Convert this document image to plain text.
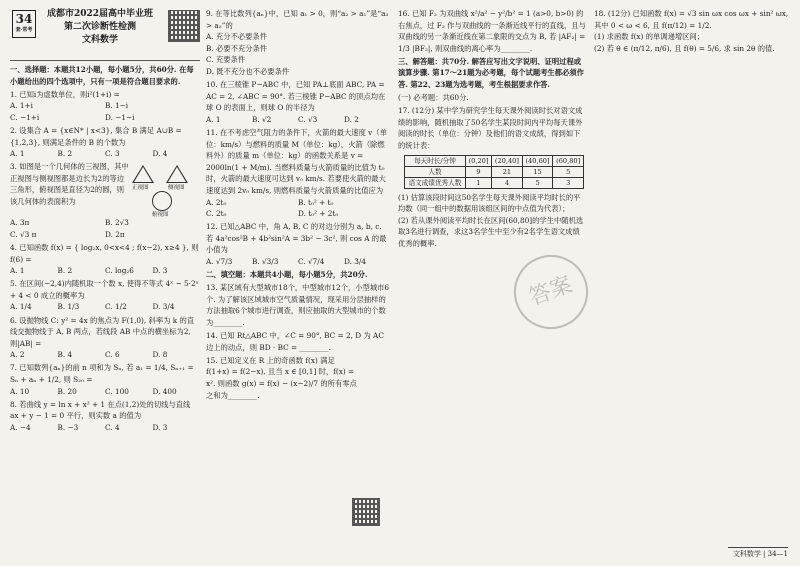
34
套·常考
成都市2022届高中毕业班
第二次诊断性检测
文科数学
一、选择题：本题共12小题，每小题5分，共60分. 在每小题给出的四个选项中，只有一项是符合题目要求的.
1. 已知i为虚数单位，则i²(1+i) =
A. 1+i	B. 1−i
C. −1+i	D. −1−i
2. 设集合 A = {x∈N* | x<3}, 集合 B 满足 A∪B = {1,2,3}, 则满足条件的 B 的个数为
A. 1	B. 2	C. 3	D. 4
3. 如图是一个几何体的三视图，其中正视图与侧视图都是边长为2的等边三角形，俯视图是直径为2的圆，则该几何体的表面积为
正视图	侧视图
俯视图
A. 3π	B. 2√3
C. √3 π	D. 2π
4. 已知函数 f(x) = { log₂x, 0<x<4 ; f(x−2), x≥4 }, 则 f(6) =
A. 1	B. 2	C. log₂6	D. 3
5. 在区间(−2,4)内随机取一个数 x, 使得不等式 4ˣ − 5·2ˣ + 4 < 0 成立的概率为
A. 1/4	B. 1/3	C. 1/2	D. 3/4
6. 设抛物线 C: y² = 4x 的焦点为 F(1,0), 斜率为 k 的直线交抛物线于 A, B 两点，若线段 AB 中点的横坐标为2, 则|AB| =
A. 2	B. 4	C. 6	D. 8
7. 已知数列{aₙ}的前 n 项和为 Sₙ, 若 a₁ = 1/4, Sₙ₊₁ = Sₙ + aₙ + 1/2, 则 S₂₀ =
A. 10	B. 20	C. 100	D. 400
8. 若曲线 y = ln x + x² + 1 在点(1,2)处的切线与直线 ax + y − 1 = 0 平行，则实数 a 的值为
A. −4	B. −3	C. 4	D. 3
9. 在等比数列{aₙ}中，已知 a₁ > 0，则“a₂ > a₁”是“a₃ > a₂”的
A. 充分不必要条件
B. 必要不充分条件
C. 充要条件
D. 既不充分也不必要条件
10. 在三棱锥 P−ABC 中，已知 PA⊥底面 ABC, PA = AC = 2, ∠ABC = 90°. 若三棱锥 P−ABC 的顶点均在球 O 的表面上，则球 O 的半径为
A. 1	B. √2	C. √3	D. 2
11. 在不考虑空气阻力的条件下，火箭的最大速度 v（单位：km/s）与燃料的质量 M（单位：kg），火箭（除燃料外）的质量 m（单位：kg）的函数关系是 v = 2000ln(1 + M/m). 当燃料质量与火箭质量的比值为 t₀ 时，火箭的最大速度可达到 v₀ km/s. 若要使火箭的最大速度达到 2v₀ km/s, 则燃料质量与火箭质量的比值应为
A. 2t₀	B. t₀² + t₀
C. 2t₀	D. t₀² + 2t₀
12. 已知△ABC 中，角 A, B, C 的对边分别为 a, b, c. 若 4a²cos²B + 4b²sin²A = 3b² − 3c², 则 cos A 的最小值为
A. √7/3	B. √3/3	C. √7/4	D. 3/4
二、填空题：本题共4小题，每小题5分，共20分.
13. 某区域有大型城市18个，中型城市12个，小型城市6个. 为了解该区域城市空气质量情况，现采用分层抽样的方法抽取6个城市进行调查，则应抽取的大型城市的个数为________.
14. 已知 Rt△ABC 中，∠C = 90°, BC = 2, D 为 AC 边上的动点，则 BD · BC = ________.
15. 已知定义在 R 上的奇函数 f(x) 满足 f(1+x) = f(2−x), 且当 x ∈ [0,1] 时，f(x) = x². 则函数 g(x) = f(x) − (x−2)/7 的所有零点之和为________.
16. 已知 F₂ 为双曲线 x²/a² − y²/b² = 1 (a>0, b>0) 的右焦点，过 F₂ 作与双曲线的一条渐近线平行的直线，且与双曲线的另一条渐近线在第二象限的交点为 B, 若 |AF₂| = 1/3 |BF₂|, 则双曲线的离心率为________.
三、解答题：共70分. 解答应写出文字说明、证明过程或演算步骤. 第17～21题为必考题，每个试题考生都必须作答. 第22、23题为选考题，考生根据要求作答.
(一) 必考题：共60分.
17. (12分) 某中学为研究学生每天课外阅读时长对语文成绩的影响，随机抽取了50名学生某段时间内平均每天课外阅读的时长（单位：分钟）及他们的语文成绩，得到如下的统计表：
每天时长/分钟	(0,20]	(20,40]	(40,60]	(60,80]
人数	9	21	15	5
语文成绩优秀人数	1	4	5	3
(1) 估算该段时间这50名学生每天课外阅读平均时长的平均数（同一组中的数据用该组区间的中点值为代表）；
(2) 若从课外阅读平均时长在区间(60,80]的学生中随机选取3名进行调查，求这3名学生中至少有2名学生语文成绩优秀的概率.
18. (12分) 已知函数 f(x) = √3 sin ωx cos ωx + sin² ωx, 其中 0 < ω < 6, 且 f(π/12) = 1/2.
(1) 求函数 f(x) 的单调递增区间；
(2) 若 θ ∈ (π/12, π/6), 且 f(θ) = 5/6, 求 sin 2θ 的值.
答案
文科数学 | 34—1
